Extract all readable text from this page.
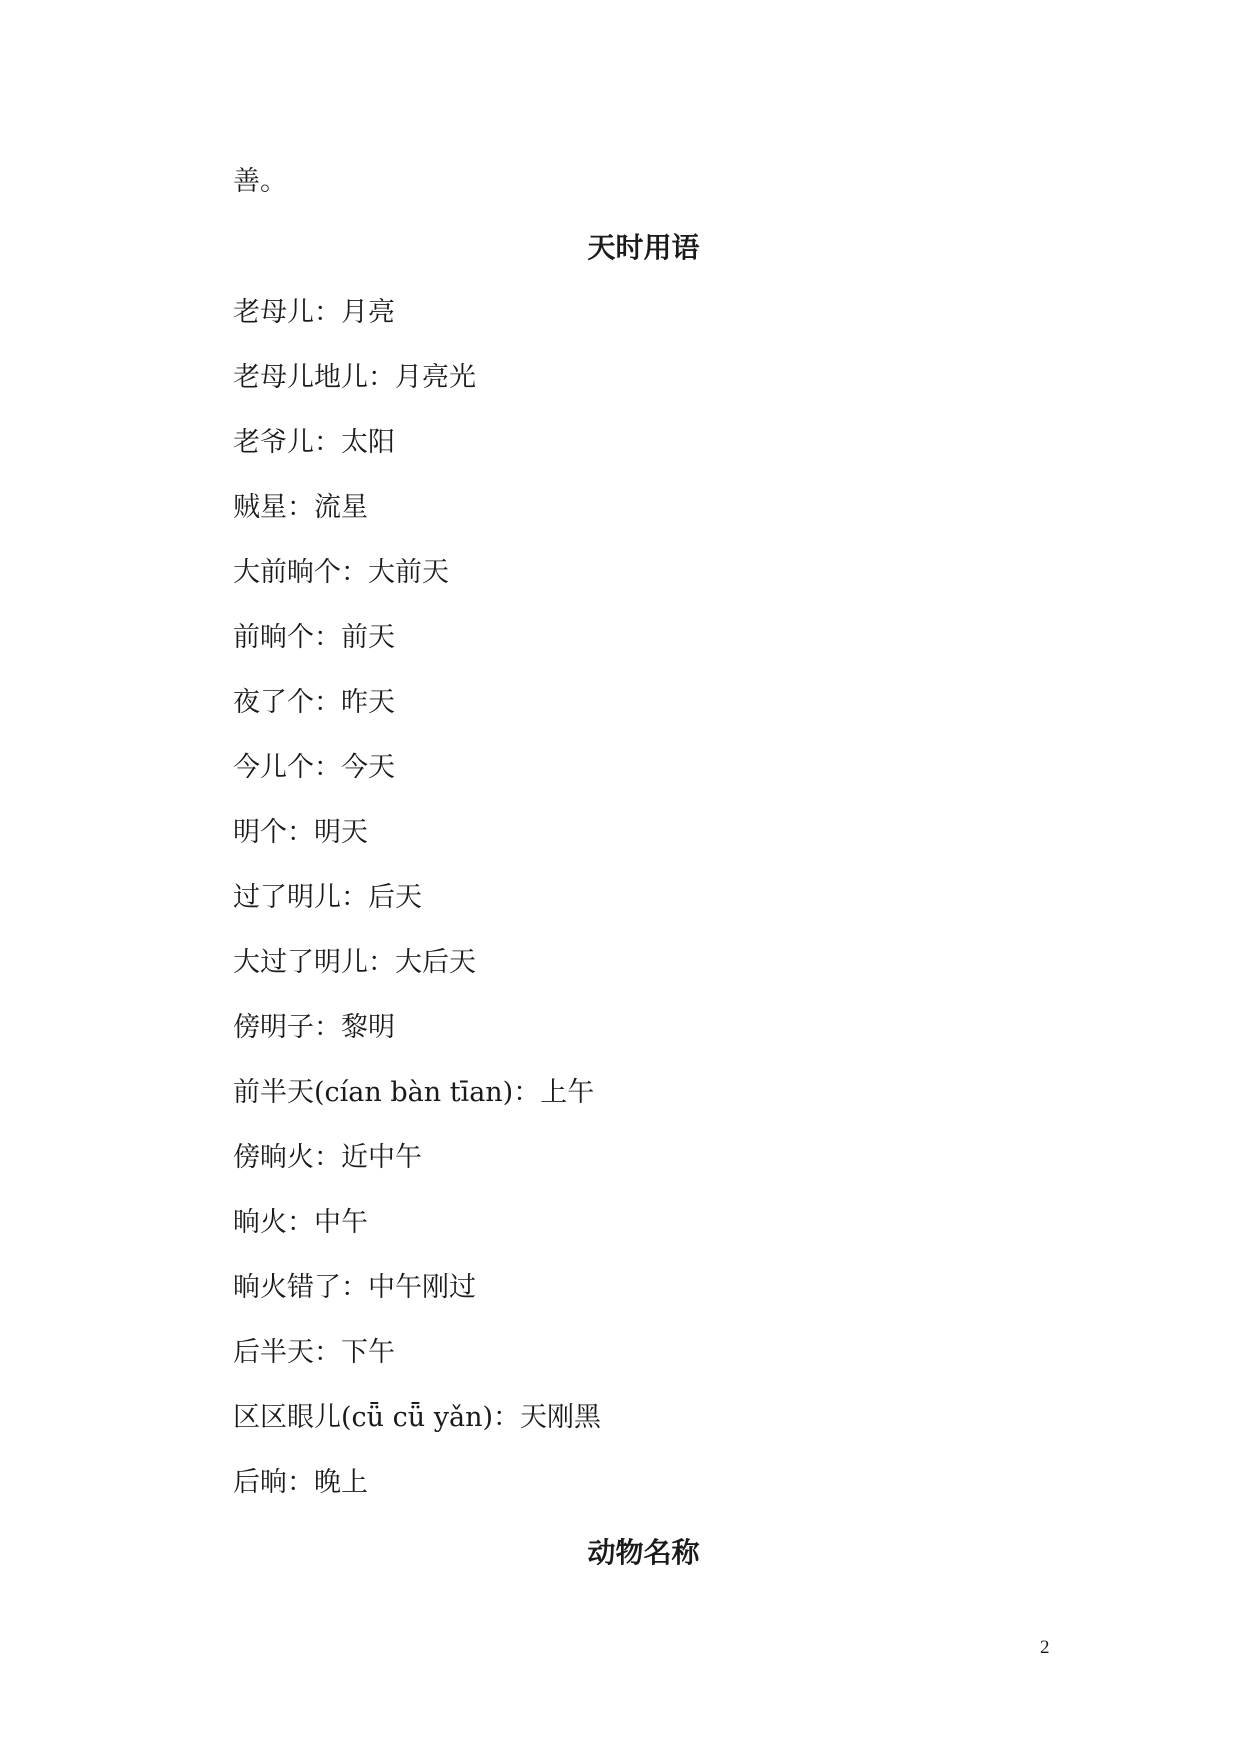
善。

天时用语
老母儿：月亮
老母儿地儿：月亮光
老爷儿：太阳
贼星：流星
大前晌个：大前天
前晌个：前天
夜了个：昨天
今儿个：今天
明个：明天
过了明儿：后天
大过了明儿：大后天
傍明子：黎明
前半天(cían bàn tīan)：上午
傍晌火：近中午
晌火：中午
晌火错了：中午刚过
后半天：下午
区区眼儿(cǖ cǖ yǎn)：天刚黑
后晌：晚上
动物名称
2
